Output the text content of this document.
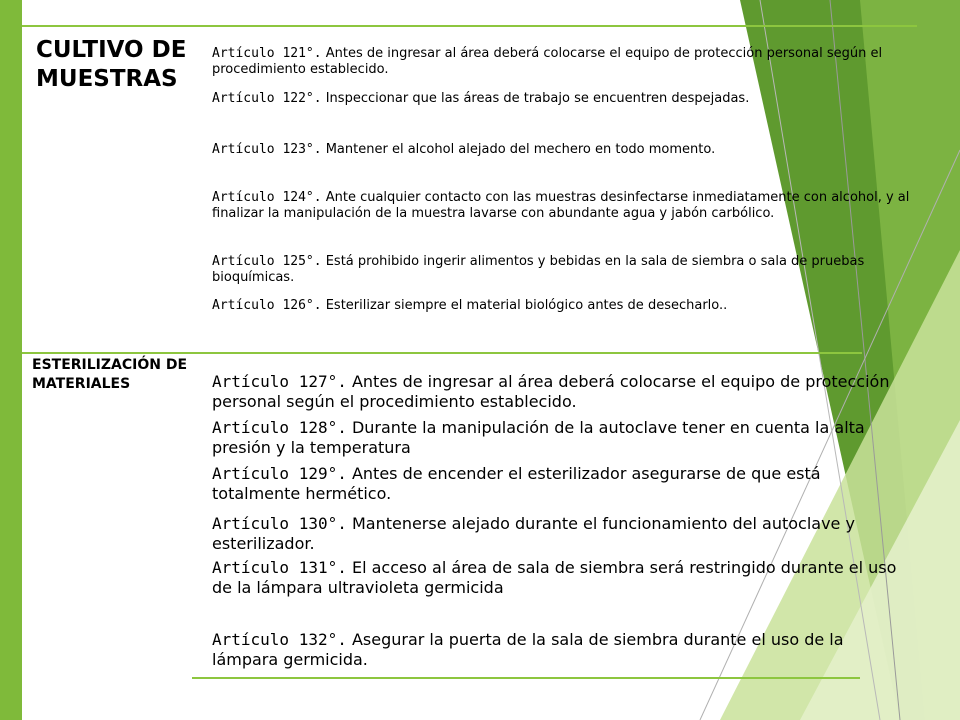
CULTIVO DE MUESTRAS

Artículo 121°. Antes de ingresar al área deberá colocarse el equipo de protección personal según el procedimiento establecido.

Artículo 122°. Inspeccionar que las áreas de trabajo se encuentren despejadas.

Artículo 123°. Mantener el alcohol alejado del mechero en todo momento.

Artículo 124°. Ante cualquier contacto con las muestras desinfectarse inmediatamente con alcohol, y al finalizar la manipulación de la muestra lavarse con abundante agua y jabón carbólico.

Artículo 125°. Está prohibido ingerir alimentos y bebidas en la sala de siembra o sala de pruebas bioquímicas.

Artículo 126°. Esterilizar siempre el material biológico antes de desecharlo..

ESTERILIZACIÓN DE MATERIALES	Artículo 127°. Antes de ingresar al área deberá colocarse el equipo de protección personal según el procedimiento establecido.

Artículo 128°. Durante la manipulación de la autoclave tener en cuenta la alta presión y la temperatura

Artículo 129°. Antes de encender el esterilizador asegurarse de que está totalmente hermético.

Artículo 130°. Mantenerse alejado durante el funcionamiento del autoclave y esterilizador.

Artículo 131°. El acceso al área de sala de siembra será restringido durante el uso de la lámpara ultravioleta germicida

Artículo 132°. Asegurar la puerta de la sala de siembra durante el uso de la lámpara germicida.
